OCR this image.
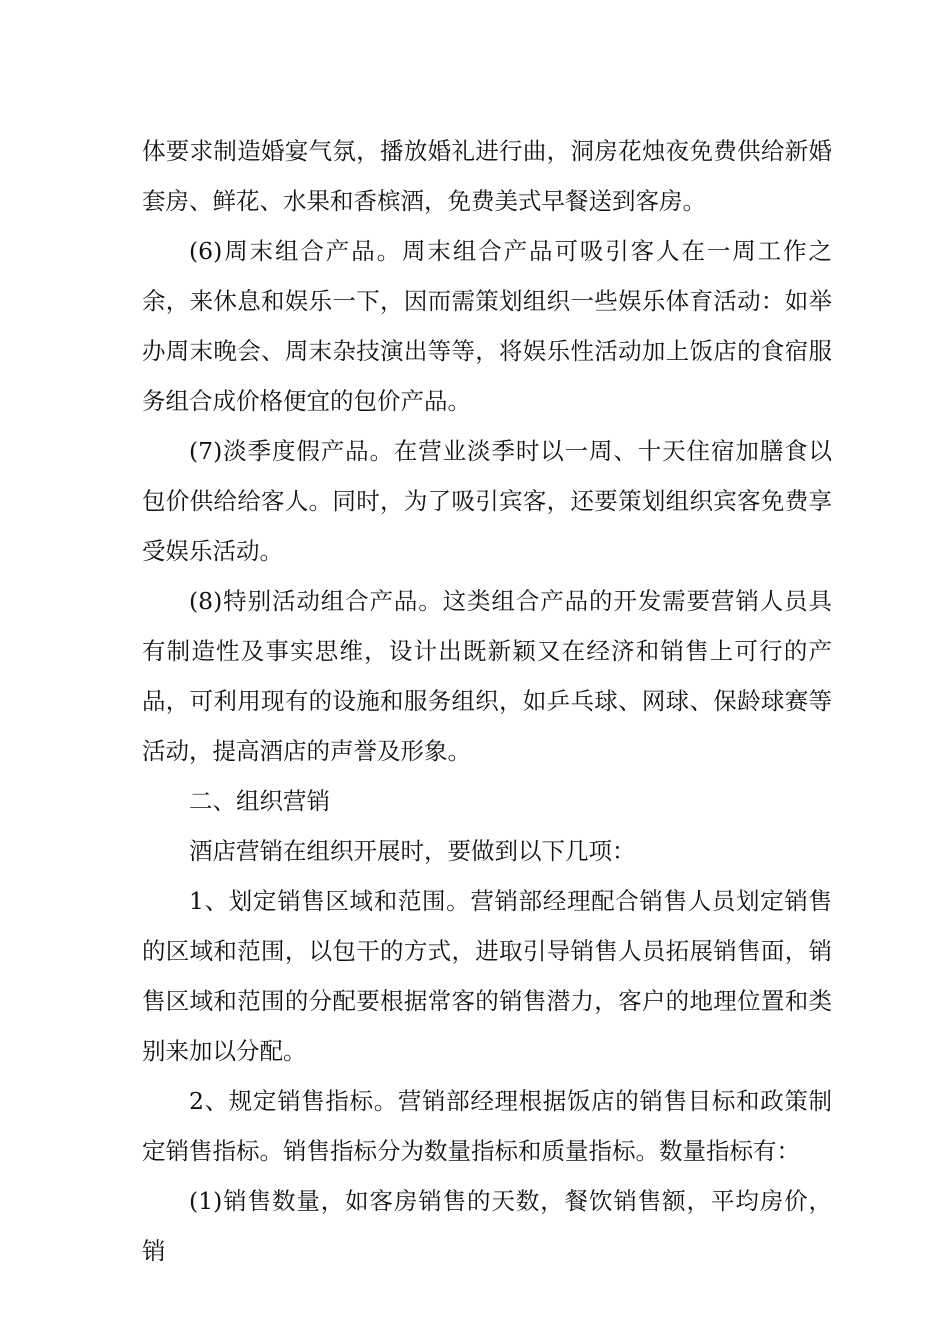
体要求制造婚宴气氛，播放婚礼进行曲，洞房花烛夜免费供给新婚套房、鲜花、水果和香槟酒，免费美式早餐送到客房。

(6)周末组合产品。周末组合产品可吸引客人在一周工作之余，来休息和娱乐一下，因而需策划组织一些娱乐体育活动：如举办周末晚会、周末杂技演出等等，将娱乐性活动加上饭店的食宿服务组合成价格便宜的包价产品。

(7)淡季度假产品。在营业淡季时以一周、十天住宿加膳食以包价供给给客人。同时，为了吸引宾客，还要策划组织宾客免费享受娱乐活动。

(8)特别活动组合产品。这类组合产品的开发需要营销人员具有制造性及事实思维，设计出既新颖又在经济和销售上可行的产品，可利用现有的设施和服务组织，如乒乓球、网球、保龄球赛等活动，提高酒店的声誉及形象。

二、组织营销

酒店营销在组织开展时，要做到以下几项：

1、划定销售区域和范围。营销部经理配合销售人员划定销售的区域和范围，以包干的方式，进取引导销售人员拓展销售面，销售区域和范围的分配要根据常客的销售潜力，客户的地理位置和类别来加以分配。

2、规定销售指标。营销部经理根据饭店的销售目标和政策制定销售指标。销售指标分为数量指标和质量指标。数量指标有：

(1)销售数量，如客房销售的天数，餐饮销售额，平均房价，销
